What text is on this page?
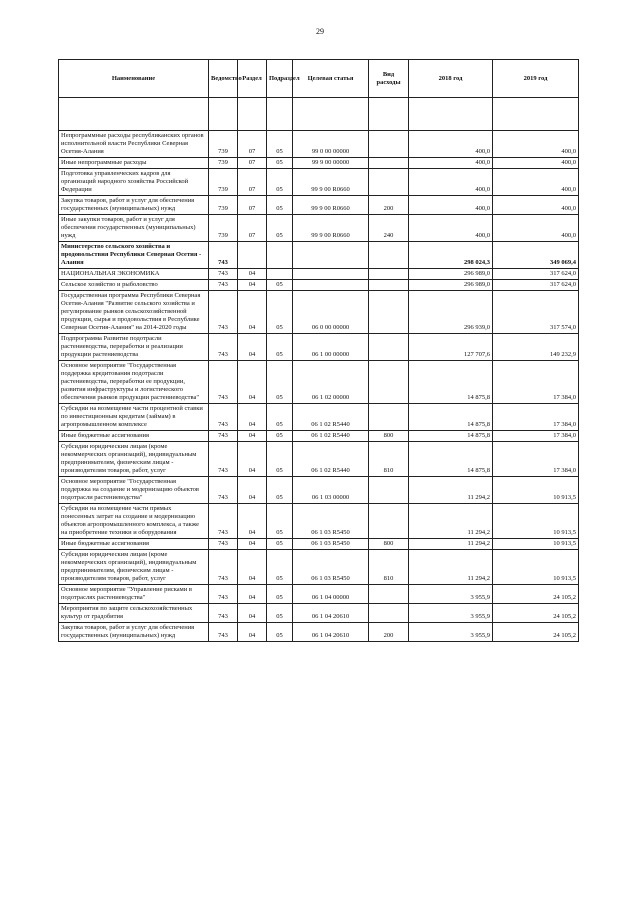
29
Наименование	Ведомство	Раздел	Подраздел	Целевая статья	Вид расходы	2018 год	2019 год

Непрограммные расходы республиканских органов исполнительной власти Республики Северная Осетия-Алания	739	07	05	99 0 00 00000		400,0	400,0
Иные непрограммные расходы	739	07	05	99 9 00 00000		400,0	400,0
Подготовка управленческих кадров для организаций народного хозяйства Российской Федерации	739	07	05	99 9 00 R0660		400,0	400,0
Закупка товаров, работ и услуг для обеспечения государственных (муниципальных) нужд	739	07	05	99 9 00 R0660	200	400,0	400,0
Иные закупки товаров, работ и услуг для обеспечения государственных (муниципальных) нужд	739	07	05	99 9 00 R0660	240	400,0	400,0
Министерство сельского хозяйства и продовольствия Республики Северная Осетия - Алания	743					298 024,3	349 069,4
НАЦИОНАЛЬНАЯ ЭКОНОМИКА	743	04				296 989,0	317 624,0
Сельское хозяйство и рыболовство	743	04	05			296 989,0	317 624,0
Государственная программа Республики Северная Осетия-Алания "Развитие сельского хозяйства и регулирование рынков сельскохозяйственной продукции, сырья и продовольствия в Республике Северная Осетия-Алания" на 2014-2020 годы	743	04	05	06 0 00 00000		296 939,0	317 574,0
Подпрограмма Развитие подотрасли растениеводства, переработки и реализации продукции растениеводства	743	04	05	06 1 00 00000		127 707,6	149 232,9
Основное мероприятие "Государственная поддержка кредитования подотрасли растениеводства, переработки ее продукции, развития инфраструктуры и логистического обеспечения рынков продукции растениеводства"	743	04	05	06 1 02 00000		14 875,8	17 384,0
Субсидии на возмещение части процентной ставки по инвестиционным кредитам (займам) в агропромышленном комплексе	743	04	05	06 1 02 R5440		14 875,8	17 384,0
Иные бюджетные ассигнования	743	04	05	06 1 02 R5440	800	14 875,8	17 384,0
Субсидии юридическим лицам (кроме некоммерческих организаций), индивидуальным предпринимателям, физическим лицам - производителям товаров, работ, услуг	743	04	05	06 1 02 R5440	810	14 875,8	17 384,0
Основное мероприятие "Государственная поддержка на создание и модернизацию объектов подотрасли растениеводства"	743	04	05	06 1 03 00000		11 294,2	10 913,5
Субсидии на возмещение части прямых понесенных затрат на создание и модернизацию объектов агропромышленного комплекса, а также на приобретение техники и оборудования	743	04	05	06 1 03 R5450		11 294,2	10 913,5
Иные бюджетные ассигнования	743	04	05	06 1 03 R5450	800	11 294,2	10 913,5
Субсидии юридическим лицам (кроме некоммерческих организаций), индивидуальным предпринимателям, физическим лицам - производителям товаров, работ, услуг	743	04	05	06 1 03 R5450	810	11 294,2	10 913,5
Основное мероприятие "Управление рисками в подотраслях растениеводства"	743	04	05	06 1 04 00000		3 955,9	24 105,2
Мероприятия по защите сельскохозяйственных культур от градобития	743	04	05	06 1 04 20610		3 955,9	24 105,2
Закупка товаров, работ и услуг для обеспечения государственных (муниципальных) нужд	743	04	05	06 1 04 20610	200	3 955,9	24 105,2
